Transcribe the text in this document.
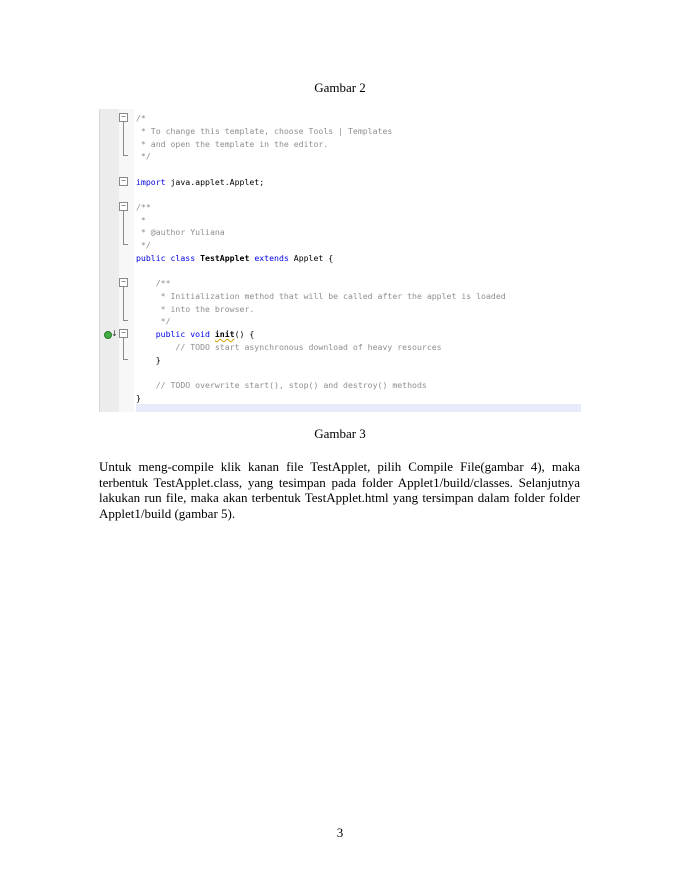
Gambar 2
↓
−
−
−
−
−
/*
* To change this template, choose Tools | Templates
* and open the template in the editor.
*/
import java.applet.Applet;
/**
*
* @author Yuliana
*/
public class TestApplet extends Applet {
/**
* Initialization method that will be called after the applet is loaded
* into the browser.
*/
public void init() {
// TODO start asynchronous download of heavy resources
}
// TODO overwrite start(), stop() and destroy() methods
}
Gambar 3
Untuk meng-compile klik kanan file TestApplet, pilih Compile File(gambar 4), maka terbentuk TestApplet.class, yang tesimpan pada folder Applet1/build/classes. Selanjutnya lakukan run file, maka akan terbentuk TestApplet.html yang tersimpan dalam folder folder Applet1/build (gambar 5).
3
